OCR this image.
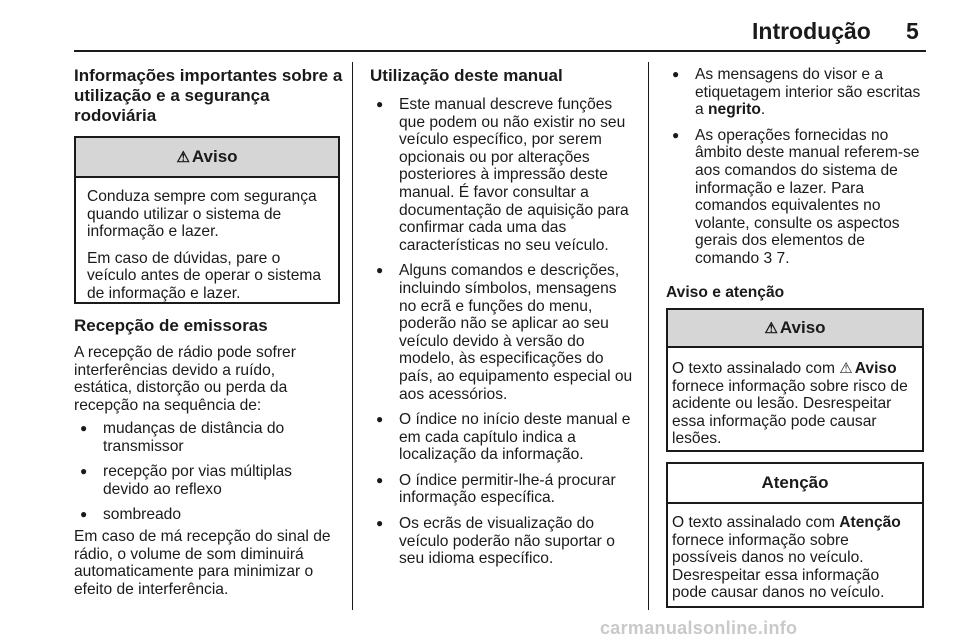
Introdução 5
Informações importantes sobre a utilização e a segurança rodoviária
⚠ Aviso

Conduza sempre com segurança quando utilizar o sistema de informação e lazer.

Em caso de dúvidas, pare o veículo antes de operar o sistema de informação e lazer.

Recepção de emissoras
A recepção de rádio pode sofrer interferências devido a ruído, estática, distorção ou perda da recepção na sequência de:
● mudanças de distância do transmissor
● recepção por vias múltiplas devido ao reflexo
● sombreado
Em caso de má recepção do sinal de rádio, o volume de som diminuirá automaticamente para minimizar o efeito de interferência.
Utilização deste manual
● Este manual descreve funções que podem ou não existir no seu veículo específico, por serem opcionais ou por alterações posteriores à impressão deste manual. É favor consultar a documentação de aquisição para confirmar cada uma das características no seu veículo.
● Alguns comandos e descrições, incluindo símbolos, mensagens no ecrã e funções do menu, poderão não se aplicar ao seu veículo devido à versão do modelo, às especificações do país, ao equipamento especial ou aos acessórios.
● O índice no início deste manual e em cada capítulo indica a localização da informação.
● O índice permitir-lhe-á procurar informação específica.
● Os ecrãs de visualização do veículo poderão não suportar o seu idioma específico.
● As mensagens do visor e a etiquetagem interior são escritas a negrito.
● As operações fornecidas no âmbito deste manual referem-se aos comandos do sistema de informação e lazer. Para comandos equivalentes no volante, consulte os aspectos gerais dos elementos de comando 3 7.
Aviso e atenção
⚠ Aviso
O texto assinalado com ⚠ Aviso fornece informação sobre risco de acidente ou lesão. Desrespeitar essa informação pode causar lesões.
Atenção
O texto assinalado com Atenção fornece informação sobre possíveis danos no veículo. Desrespeitar essa informação pode causar danos no veículo.
carmanualsonline.info
